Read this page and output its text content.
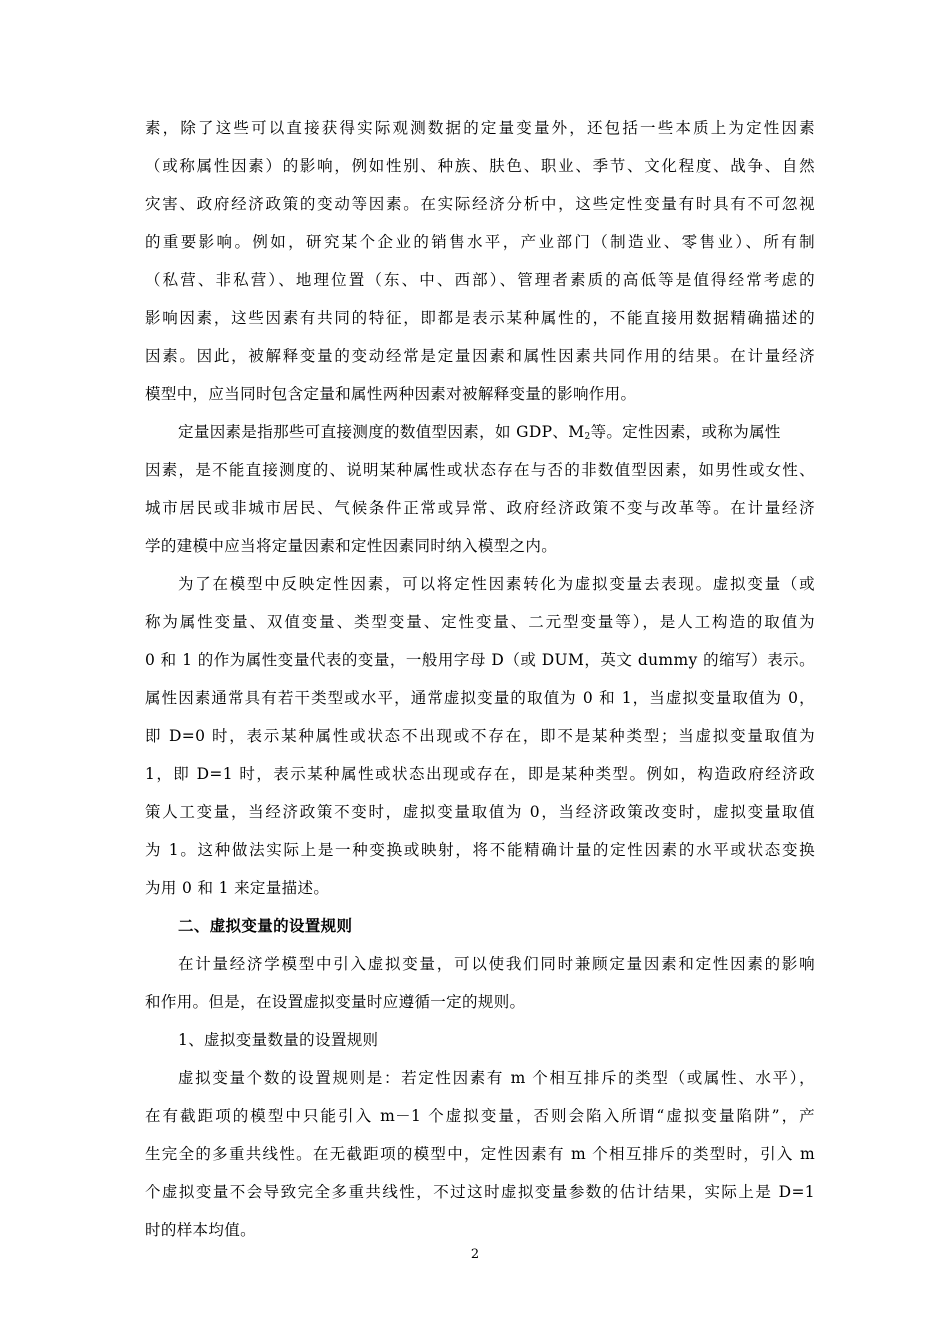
素，除了这些可以直接获得实际观测数据的定量变量外，还包括一些本质上为定性因素
（或称属性因素）的影响，例如性别、种族、肤色、职业、季节、文化程度、战争、自然
灾害、政府经济政策的变动等因素。在实际经济分析中，这些定性变量有时具有不可忽视
的重要影响。例如，研究某个企业的销售水平，产业部门（制造业、零售业）、所有制
（私营、非私营）、地理位置（东、中、西部）、管理者素质的高低等是值得经常考虑的
影响因素，这些因素有共同的特征，即都是表示某种属性的，不能直接用数据精确描述的
因素。因此，被解释变量的变动经常是定量因素和属性因素共同作用的结果。在计量经济
模型中，应当同时包含定量和属性两种因素对被解释变量的影响作用。
定量因素是指那些可直接测度的数值型因素，如 GDP、$M_2$等。定性因素，或称为属性
因素，是不能直接测度的、说明某种属性或状态存在与否的非数值型因素，如男性或女性、
城市居民或非城市居民、气候条件正常或异常、政府经济政策不变与改革等。在计量经济
学的建模中应当将定量因素和定性因素同时纳入模型之内。
为了在模型中反映定性因素，可以将定性因素转化为虚拟变量去表现。虚拟变量（或
称为属性变量、双值变量、类型变量、定性变量、二元型变量等），是人工构造的取值为
0 和 1 的作为属性变量代表的变量，一般用字母 D（或 DUM，英文 dummy 的缩写）表示。
属性因素通常具有若干类型或水平，通常虚拟变量的取值为 0 和 1，当虚拟变量取值为 0，
即 D=0 时，表示某种属性或状态不出现或不存在，即不是某种类型；当虚拟变量取值为
1，即 D=1 时，表示某种属性或状态出现或存在，即是某种类型。例如，构造政府经济政
策人工变量，当经济政策不变时，虚拟变量取值为 0，当经济政策改变时，虚拟变量取值
为 1。这种做法实际上是一种变换或映射，将不能精确计量的定性因素的水平或状态变换
为用 0 和 1 来定量描述。
二、虚拟变量的设置规则
在计量经济学模型中引入虚拟变量，可以使我们同时兼顾定量因素和定性因素的影响
和作用。但是，在设置虚拟变量时应遵循一定的规则。
1、虚拟变量数量的设置规则
虚拟变量个数的设置规则是：若定性因素有 m 个相互排斥的类型（或属性、水平），
在有截距项的模型中只能引入 m－1 个虚拟变量，否则会陷入所谓“虚拟变量陷阱”，产
生完全的多重共线性。在无截距项的模型中，定性因素有 m 个相互排斥的类型时，引入 m
个虚拟变量不会导致完全多重共线性，不过这时虚拟变量参数的估计结果，实际上是 D=1
时的样本均值。
2
